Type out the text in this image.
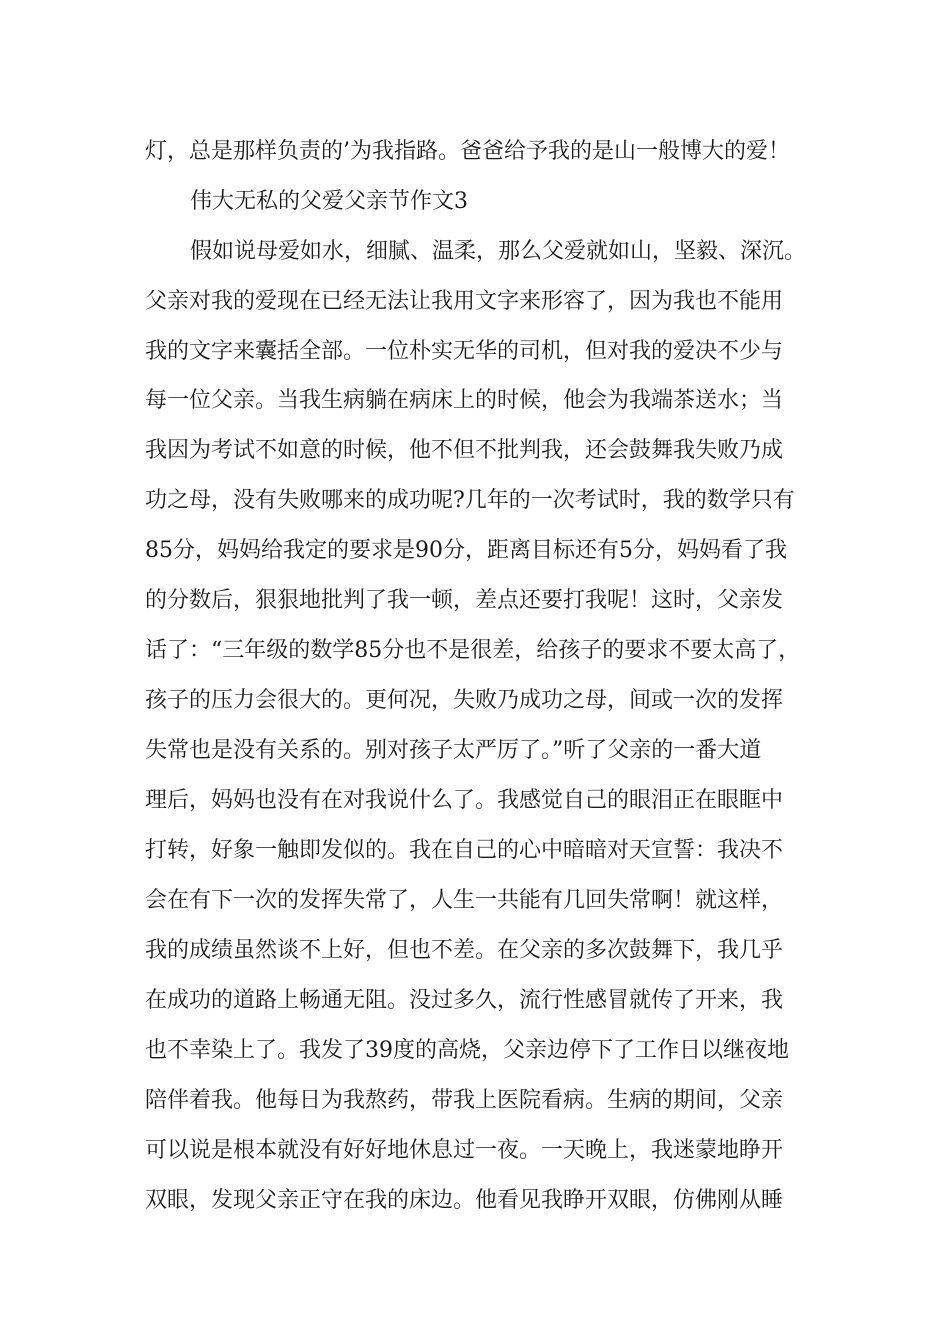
灯，总是那样负责的’为我指路。爸爸给予我的是山一般博大的爱！
伟大无私的父爱父亲节作文3
假如说母爱如水，细腻、温柔，那么父爱就如山，坚毅、深沉。
父亲对我的爱现在已经无法让我用文字来形容了，因为我也不能用
我的文字来囊括全部。一位朴实无华的司机，但对我的爱决不少与
每一位父亲。当我生病躺在病床上的时候，他会为我端茶送水；当
我因为考试不如意的时候，他不但不批判我，还会鼓舞我失败乃成
功之母，没有失败哪来的成功呢?几年的一次考试时，我的数学只有
85分，妈妈给我定的要求是90分，距离目标还有5分，妈妈看了我
的分数后，狠狠地批判了我一顿，差点还要打我呢！这时，父亲发
话了：“三年级的数学85分也不是很差，给孩子的要求不要太高了，
孩子的压力会很大的。更何况，失败乃成功之母，间或一次的发挥
失常也是没有关系的。别对孩子太严厉了。”听了父亲的一番大道
理后，妈妈也没有在对我说什么了。我感觉自己的眼泪正在眼眶中
打转，好象一触即发似的。我在自己的心中暗暗对天宣誓：我决不
会在有下一次的发挥失常了，人生一共能有几回失常啊！就这样，
我的成绩虽然谈不上好，但也不差。在父亲的多次鼓舞下，我几乎
在成功的道路上畅通无阻。没过多久，流行性感冒就传了开来，我
也不幸染上了。我发了39度的高烧，父亲边停下了工作日以继夜地
陪伴着我。他每日为我熬药，带我上医院看病。生病的期间，父亲
可以说是根本就没有好好地休息过一夜。一天晚上，我迷蒙地睁开
双眼，发现父亲正守在我的床边。他看见我睁开双眼，仿佛刚从睡
